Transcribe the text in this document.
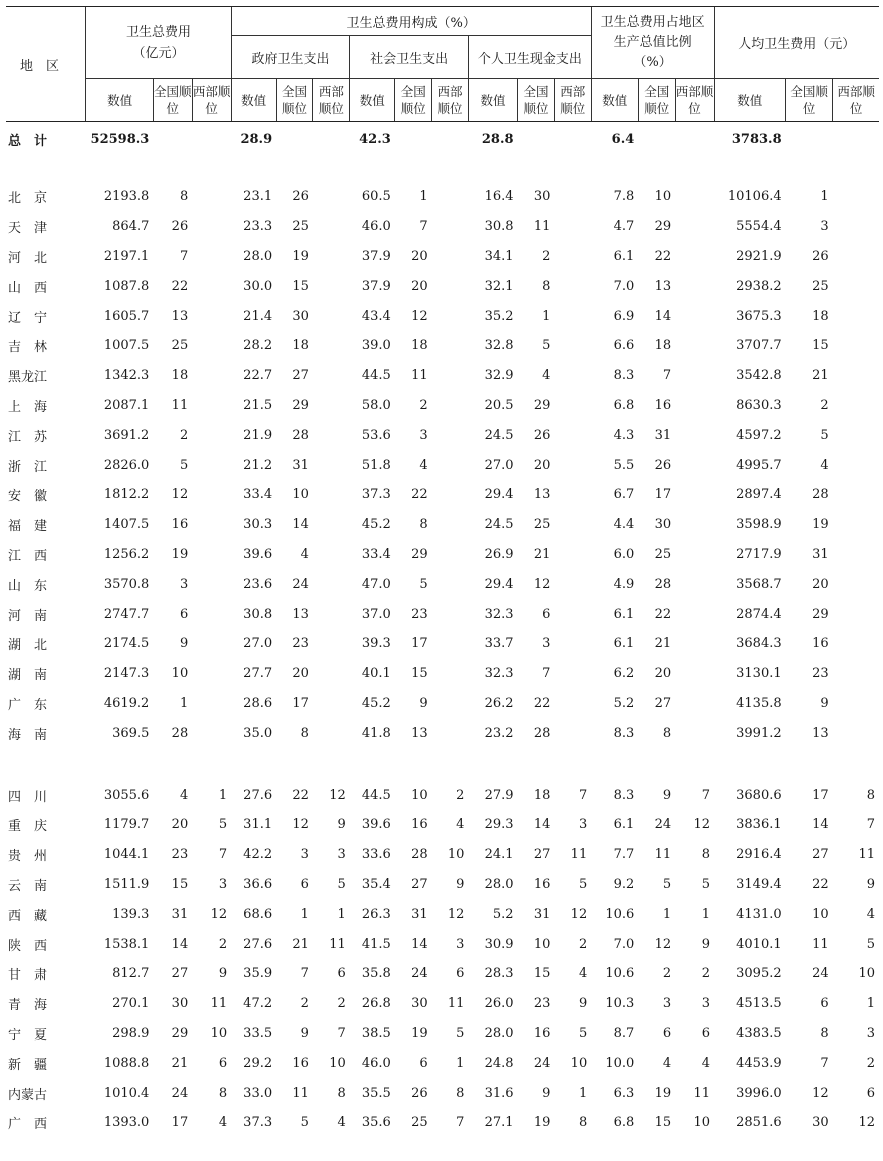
地　区	卫生总费用
（亿元）			卫生总费用构成（%）									卫生总费用占地区生产总值比例（%）			人均卫生费用（元）		
				政府卫生支出			社会卫生支出			个人卫生现金支出								
	数值	全国顺位	西部顺位	数值	全国顺位	西部顺位	数值	全国顺位	西部顺位	数值	全国顺位	西部顺位	数值	全国顺位	西部顺位	数值	全国顺位	西部顺位
总　计	52598.3			28.9			42.3			28.8			6.4			3783.8		

北　京	2193.8	8		23.1	26		60.5	1		16.4	30		7.8	10		10106.4	1	
天　津	864.7	26		23.3	25		46.0	7		30.8	11		4.7	29		5554.4	3	
河　北	2197.1	7		28.0	19		37.9	20		34.1	2		6.1	22		2921.9	26	
山　西	1087.8	22		30.0	15		37.9	20		32.1	8		7.0	13		2938.2	25	
辽　宁	1605.7	13		21.4	30		43.4	12		35.2	1		6.9	14		3675.3	18	
吉　林	1007.5	25		28.2	18		39.0	18		32.8	5		6.6	18		3707.7	15	
黑龙江	1342.3	18		22.7	27		44.5	11		32.9	4		8.3	7		3542.8	21	
上　海	2087.1	11		21.5	29		58.0	2		20.5	29		6.8	16		8630.3	2	
江　苏	3691.2	2		21.9	28		53.6	3		24.5	26		4.3	31		4597.2	5	
浙　江	2826.0	5		21.2	31		51.8	4		27.0	20		5.5	26		4995.7	4	
安　徽	1812.2	12		33.4	10		37.3	22		29.4	13		6.7	17		2897.4	28	
福　建	1407.5	16		30.3	14		45.2	8		24.5	25		4.4	30		3598.9	19	
江　西	1256.2	19		39.6	4		33.4	29		26.9	21		6.0	25		2717.9	31	
山　东	3570.8	3		23.6	24		47.0	5		29.4	12		4.9	28		3568.7	20	
河　南	2747.7	6		30.8	13		37.0	23		32.3	6		6.1	22		2874.4	29	
湖　北	2174.5	9		27.0	23		39.3	17		33.7	3		6.1	21		3684.3	16	
湖　南	2147.3	10		27.7	20		40.1	15		32.3	7		6.2	20		3130.1	23	
广　东	4619.2	1		28.6	17		45.2	9		26.2	22		5.2	27		4135.8	9	
海　南	369.5	28		35.0	8		41.8	13		23.2	28		8.3	8		3991.2	13	

四　川	3055.6	4	1	27.6	22	12	44.5	10	2	27.9	18	7	8.3	9	7	3680.6	17	8
重　庆	1179.7	20	5	31.1	12	9	39.6	16	4	29.3	14	3	6.1	24	12	3836.1	14	7
贵　州	1044.1	23	7	42.2	3	3	33.6	28	10	24.1	27	11	7.7	11	8	2916.4	27	11
云　南	1511.9	15	3	36.6	6	5	35.4	27	9	28.0	16	5	9.2	5	5	3149.4	22	9
西　藏	139.3	31	12	68.6	1	1	26.3	31	12	5.2	31	12	10.6	1	1	4131.0	10	4
陕　西	1538.1	14	2	27.6	21	11	41.5	14	3	30.9	10	2	7.0	12	9	4010.1	11	5
甘　肃	812.7	27	9	35.9	7	6	35.8	24	6	28.3	15	4	10.6	2	2	3095.2	24	10
青　海	270.1	30	11	47.2	2	2	26.8	30	11	26.0	23	9	10.3	3	3	4513.5	6	1
宁　夏	298.9	29	10	33.5	9	7	38.5	19	5	28.0	16	5	8.7	6	6	4383.5	8	3
新　疆	1088.8	21	6	29.2	16	10	46.0	6	1	24.8	24	10	10.0	4	4	4453.9	7	2
内蒙古	1010.4	24	8	33.0	11	8	35.5	26	8	31.6	9	1	6.3	19	11	3996.0	12	6
广　西	1393.0	17	4	37.3	5	4	35.6	25	7	27.1	19	8	6.8	15	10	2851.6	30	12
